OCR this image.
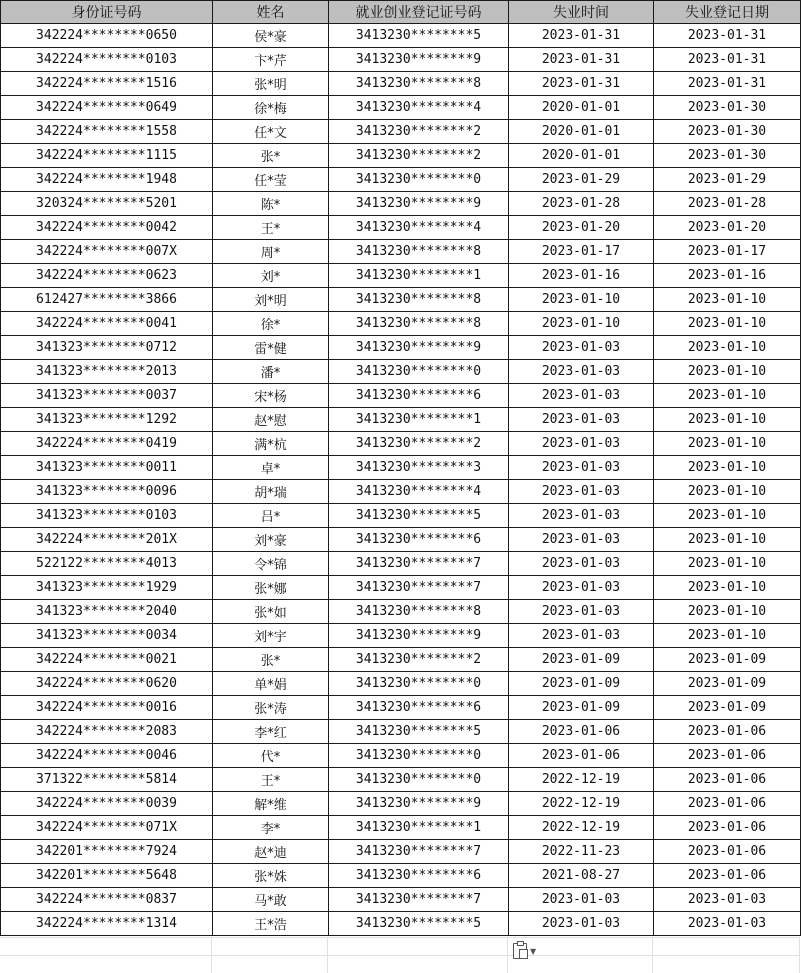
身份证号码	姓名	就业创业登记证号码	失业时间	失业登记日期
342224********0650	侯*豪	3413230********5	2023-01-31	2023-01-31
342224********0103	卞*芹	3413230********9	2023-01-31	2023-01-31
342224********1516	张*明	3413230********8	2023-01-31	2023-01-31
342224********0649	徐*梅	3413230********4	2020-01-01	2023-01-30
342224********1558	任*文	3413230********2	2020-01-01	2023-01-30
342224********1115	张*	3413230********2	2020-01-01	2023-01-30
342224********1948	任*莹	3413230********0	2023-01-29	2023-01-29
320324********5201	陈*	3413230********9	2023-01-28	2023-01-28
342224********0042	王*	3413230********4	2023-01-20	2023-01-20
342224********007X	周*	3413230********8	2023-01-17	2023-01-17
342224********0623	刘*	3413230********1	2023-01-16	2023-01-16
612427********3866	刘*明	3413230********8	2023-01-10	2023-01-10
342224********0041	徐*	3413230********8	2023-01-10	2023-01-10
341323********0712	雷*健	3413230********9	2023-01-03	2023-01-10
341323********2013	潘*	3413230********0	2023-01-03	2023-01-10
341323********0037	宋*杨	3413230********6	2023-01-03	2023-01-10
341323********1292	赵*慰	3413230********1	2023-01-03	2023-01-10
342224********0419	满*杭	3413230********2	2023-01-03	2023-01-10
341323********0011	卓*	3413230********3	2023-01-03	2023-01-10
341323********0096	胡*瑞	3413230********4	2023-01-03	2023-01-10
341323********0103	吕*	3413230********5	2023-01-03	2023-01-10
342224********201X	刘*豪	3413230********6	2023-01-03	2023-01-10
522122********4013	令*锦	3413230********7	2023-01-03	2023-01-10
341323********1929	张*娜	3413230********7	2023-01-03	2023-01-10
341323********2040	张*如	3413230********8	2023-01-03	2023-01-10
341323********0034	刘*宇	3413230********9	2023-01-03	2023-01-10
342224********0021	张*	3413230********2	2023-01-09	2023-01-09
342224********0620	单*娟	3413230********0	2023-01-09	2023-01-09
342224********0016	张*涛	3413230********6	2023-01-09	2023-01-09
342224********2083	李*红	3413230********5	2023-01-06	2023-01-06
342224********0046	代*	3413230********0	2023-01-06	2023-01-06
371322********5814	王*	3413230********0	2022-12-19	2023-01-06
342224********0039	解*维	3413230********9	2022-12-19	2023-01-06
342224********071X	李*	3413230********1	2022-12-19	2023-01-06
342201********7924	赵*迪	3413230********7	2022-11-23	2023-01-06
342201********5648	张*姝	3413230********6	2021-08-27	2023-01-06
342224********0837	马*敢	3413230********7	2023-01-03	2023-01-03
342224********1314	王*浩	3413230********5	2023-01-03	2023-01-03
▼
